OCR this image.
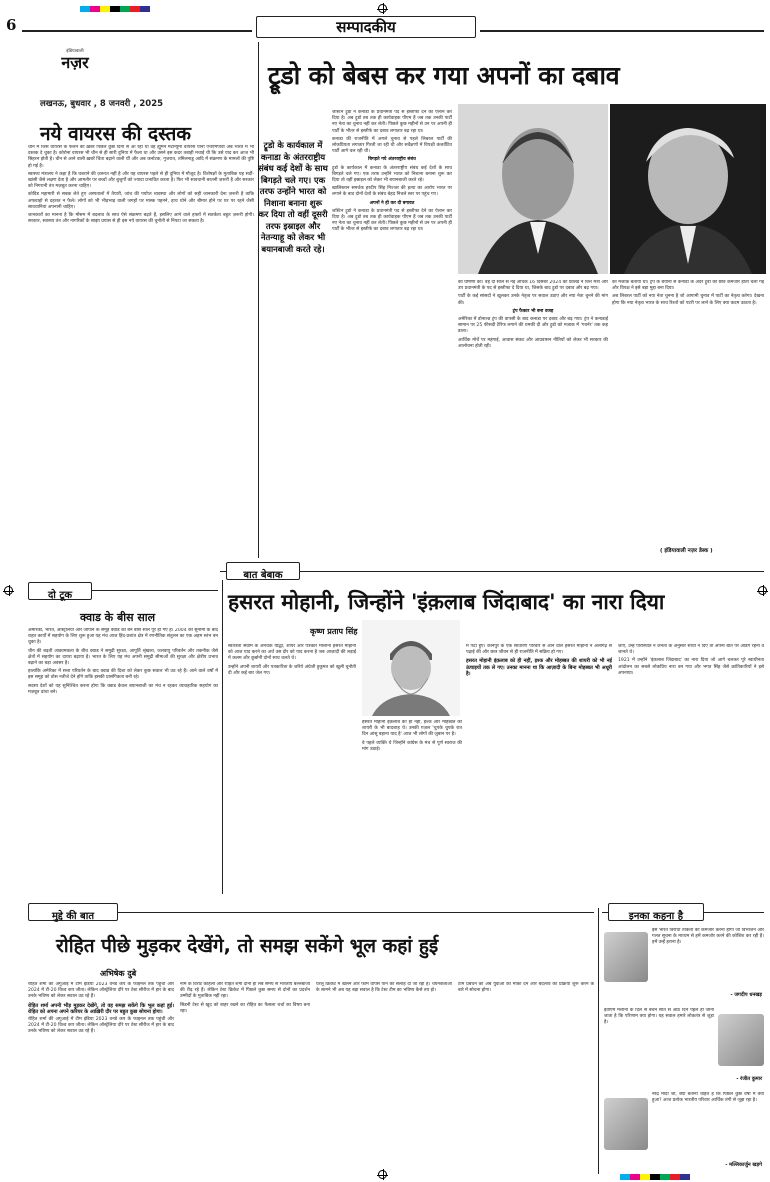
6	सम्पादकीय
इंडियावाली
नज़र
लखनऊ, बुधवार , 8 जनवरी , 2025
नये वायरस की दस्तक

चीन में जिस वायरस के फैलने की ख़बरें पिछले कुछ दिनों से आ रही थीं वह ह्यूमन मेटान्यूमो वायरस यानी एचएमपीवी अब भारत में भी दस्तक दे चुका है। कोरोना वायरस भी चीन से ही सारी दुनिया में फैला था और उसने इस कदर तबाही मचाई थी कि उसे याद कर आज भी सिहरन होती है। चीन से आने वाली ख़बरें चिंता बढ़ाने वाली थीं और अब कर्नाटक, गुजरात, तमिलनाडु आदि में संक्रमण के मामलों की पुष्टि हो गई है।

स्वास्थ्य मंत्रालय ने कहा है कि घबराने की ज़रूरत नहीं है और यह वायरस पहले से ही दुनिया में मौजूद है। विशेषज्ञों के मुताबिक यह सर्दी-खांसी जैसे लक्षण देता है और आमतौर पर बच्चों और बुजुर्गों को ज्यादा प्रभावित करता है। फिर भी सावधानी बरतनी ज़रूरी है और सरकार को निगरानी तंत्र मज़बूत करना चाहिए।

कोविड महामारी से सबक लेते हुए अस्पतालों में तैयारी, जांच की पर्याप्त व्यवस्था और लोगों को सही जानकारी देना ज़रूरी है ताकि अफवाहों से दहशत न फैले। लोगों को भी भीड़भाड़ वाली जगहों पर मास्क पहनने, हाथ धोने और बीमार होने पर घर पर रहने जैसी सावधानियां अपनानी चाहिए।

जानकारों का मानना है कि मौसम में बदलाव के साथ ऐसे संक्रमण बढ़ते हैं, इसलिए आने वाले हफ्तों में सतर्कता बहुत ज़रूरी होगी। सरकार, स्वास्थ्य तंत्र और नागरिकों के साझा प्रयास से ही इस नये वायरस की चुनौती से निपटा जा सकता है।

ट्रूडो को बेबस कर गया अपनों का दबाव
ट्रूडो के कार्यकाल में कनाडा के अंतरराष्ट्रीय संबंध कई देशों के साथ बिगड़ते चले गए। एक तरफ उन्होंने भारत को निशाना बनाना शुरू कर दिया तो वहीं दूसरी तरफ इस्राइल और नेतन्याहू को लेकर भी बयानबाजी करते रहे।

जस्टिन ट्रूडो ने कनाडा के प्रधानमंत्री पद से इस्तीफा देने का ऐलान कर दिया है। अब ट्रूडो तब तक ही कार्यवाहक पीएम हैं जब तक उनकी पार्टी नए नेता का चुनाव नहीं कर लेती। पिछले कुछ महीनों से उन पर अपनी ही पार्टी के भीतर से इस्तीफे का दबाव लगातार बढ़ रहा था।

कनाडा की राजनीति में अगले चुनाव से पहले लिबरल पार्टी की लोकप्रियता लगातार गिरती जा रही थी और सर्वेक्षणों में विपक्षी कंजर्वेटिव पार्टी आगे चल रही थी।

बिगड़ते गये अंतरराष्ट्रीय संबंध

ट्रूडो के कार्यकाल में कनाडा के अंतरराष्ट्रीय संबंध कई देशों के साथ बिगड़ते चले गए। एक तरफ उन्होंने भारत को निशाना बनाना शुरू कर दिया तो वहीं इस्राइल को लेकर भी बयानबाजी करते रहे।

खालिस्तान समर्थक हरदीप सिंह निज्जर की हत्या का आरोप भारत पर लगाने के बाद दोनों देशों के संबंध बेहद निचले स्तर पर पहुंच गए।

अपनों ने ही कर दी बगावत

जस्टिन ट्रूडो ने कनाडा के प्रधानमंत्री पद से इस्तीफा देने का ऐलान कर दिया है। अब ट्रूडो तब तक ही कार्यवाहक पीएम हैं जब तक उनकी पार्टी नए नेता का चुनाव नहीं कर लेती। पिछले कुछ महीनों से उन पर अपनी ही पार्टी के भीतर से इस्तीफे का दबाव लगातार बढ़ रहा था।

की घोषणा की। वह दो साल से नई अधिक 16 दिसंबर 2024 को फ्रीलैंड ने वित्त मंत्री और उप प्रधानमंत्री के पद से इस्तीफा दे दिया था, जिसके बाद ट्रूडो पर दबाव और बढ़ गया।

पार्टी के कई सांसदों ने खुलकर उनके नेतृत्व पर सवाल उठाए और नया नेता चुनने की मांग की।

ट्रंप फैक्टर भी बना वजह

अमेरिका में डोनाल्ड ट्रंप की वापसी के बाद कनाडा पर दबाव और बढ़ गया। ट्रंप ने कनाडाई सामान पर 25 फीसदी टैरिफ लगाने की धमकी दी और ट्रूडो को मज़ाक में 'गवर्नर' तक कह डाला।

आर्थिक मोर्चे पर महंगाई, आवास संकट और आप्रवासन नीतियों को लेकर भी सरकार की आलोचना होती रही।

का मजाक बताया था। ट्रंप के बयानों से कनाडा के अंदर ट्रूडो की छवि कमजोर होती चली गई और विपक्ष ने इसे बड़ा मुद्दा बना दिया।

अब लिबरल पार्टी को नया नेता चुनना है जो आगामी चुनाव में पार्टी का नेतृत्व करेगा। देखना होगा कि नया नेतृत्व भारत के साथ रिश्तों को पटरी पर लाने के लिए क्या कदम उठाता है।

( इंडियावाली नज़र डेस्क )
बात बेबाक
हसरत मोहानी, जिन्होंने 'इंक़लाब जिंदाबाद' का नारा दिया
कृष्ण प्रताप सिंह

स्वतंत्रता संग्राम के अनथके योद्धा, शायर और पत्रकार मौलाना हसरत मोहानी को आज याद करने का अर्थ उस दौर को याद करना है जब आज़ादी की लड़ाई में कलम और कुर्बानी दोनों साथ चलते थे।

उन्होंने अपनी शायरी और पत्रकारिता के जरिये अंग्रेजी हुकूमत को खुली चुनौती दी और कई बार जेल गए।

हसरत मोहानी इंक़लाब की ही नहीं, इश्क और मोहब्बत की शायरी के भी बादशाह थे। उनकी ग़ज़ल 'चुपके चुपके रात दिन आंसू बहाना याद है' आज भी लोगों की ज़ुबान पर है।

वे पहले व्यक्ति थे जिन्होंने कांग्रेस के मंच से पूर्ण स्वराज की मांग उठाई।

में पैदा हुए। कानपुर के एक साधारण परिवार से आने वाले हसरत मोहानी ने अलीगढ़ से पढ़ाई की और छात्र जीवन से ही राजनीति में सक्रिय हो गए।

हसरत मोहानी इंक़लाब को ही नहीं, इश्क और मोहब्बत की शायरी को भी नई ऊंचाइयों तक ले गए। उनका मानना था कि आज़ादी के बिना मोहब्बत भी अधूरी है।

जाएं, उन्हें परिस्थिति ने जनता के अनुसार साथी न दिए तो अपनी बात पर अडिग रहना वे जानते थे।

1921 में उन्होंने 'इंक़लाब जिंदाबाद' का नारा दिया जो आगे चलकर पूरे स्वाधीनता आंदोलन का सबसे लोकप्रिय नारा बन गया और भगत सिंह जैसे क्रांतिकारियों ने इसे अपनाया।

दो टूक
क्वाड के बीस साल

अमेरिका, भारत, ऑस्ट्रेलिया और जापान के समूह क्वाड को बने बीस साल पूरे हो गए हैं। 2004 की सुनामी के बाद राहत कार्यों में सहयोग के लिए शुरू हुआ यह मंच आज हिंद-प्रशांत क्षेत्र में रणनीतिक संतुलन का एक अहम स्तंभ बन चुका है।

चीन की बढ़ती आक्रामकता के बीच क्वाड ने समुद्री सुरक्षा, आपूर्ति श्रृंखला, जलवायु परिवर्तन और तकनीक जैसे क्षेत्रों में सहयोग का दायरा बढ़ाया है। भारत के लिए यह मंच अपनी समुद्री सीमाओं की सुरक्षा और क्षेत्रीय प्रभाव बढ़ाने का बड़ा अवसर है।

हालांकि अमेरिका में सत्ता परिवर्तन के बाद क्वाड की दिशा को लेकर कुछ सवाल भी उठ रहे हैं। आने वाले वर्षों में इस समूह को ठोस नतीजे देने होंगे ताकि इसकी प्रासंगिकता बनी रहे।

सदस्य देशों को यह सुनिश्चित करना होगा कि क्वाड केवल बयानबाजी का मंच न रहकर व्यावहारिक सहयोग का मज़बूत ढांचा बने।

मुद्दे की बात
रोहित पीछे मुड़कर देखेंगे, तो समझ सकेंगे भूल कहां हुई
अभिषेक दुबे

रोहित शर्मा की अगुआई में टीम इंडिया 2023 वनडे कप के फाइनल तक पहुंची और 2024 में टी-20 विश्व कप जीता। लेकिन ऑस्ट्रेलिया दौरे पर टेस्ट सीरीज में हार के बाद उनके भविष्य को लेकर सवाल उठ रहे हैं।

रोहित शर्मा अपनी भीड़ मुड़कर देखेंगे, तो वह समझ सकेंगे कि भूल कहां हुई। रोहित को अपना अपने करियर के आख़िरी दौर पर बहुत कुछ सोचना होगा।

रोहित शर्मा की अगुआई में टीम इंडिया 2023 वनडे कप के फाइनल तक पहुंची और 2024 में टी-20 विश्व कप जीता। लेकिन ऑस्ट्रेलिया दौरे पर टेस्ट सीरीज में हार के बाद उनके भविष्य को लेकर सवाल उठ रहे हैं।

नाम के विराट कोहली और रोहित शर्मा दोनों ही लंबे समय से भारतीय बल्लेबाजी की रीढ़ रहे हैं। लेकिन टेस्ट क्रिकेट में पिछले कुछ समय से दोनों का प्रदर्शन उम्मीदों के मुताबिक नहीं रहा।

सिडनी टेस्ट से खुद को बाहर रखने का रोहित का फैसला चर्चा का विषय बना रहा।

घरेलू क्रिकेट में खेलने और फॉर्म वापस पाने की सलाह दी जा रही है। चयनकर्ताओं के सामने भी अब यह बड़ा सवाल है कि टेस्ट टीम का भविष्य कैसे तय हो।

टीम प्रबंधन को अब युवाओं को मौका देने और बदलाव की प्रक्रिया शुरू करने के बारे में सोचना होगा।

इनका कहना है
इसे भारत विरोधी ताकतों को कमजोर करना होगा जो विभाजन और गलत सूचना के माध्यम से हमें कमजोर करने की कोशिश कर रही हैं। हमें उन्हें हराना है।
- जगदीप धनखड़
ईवीएम मशीनों के दिल से बेचैन सात से आठ दिन पहले ही जाना जाता है कि परिणाम क्या होगा। यह सवाल हमारे लोकतंत्र से जुड़ा है।
- रंजीत कुमार
नरेंद्र मोदी जी, क्या बताना चाहते हैं कि पिछले कुछ वर्षों में क्या हुआ? आज प्रत्येक भारतीय परिवार आर्थिक तंगी से जूझ रहा है।
- मल्लिकार्जुन खड़गे
